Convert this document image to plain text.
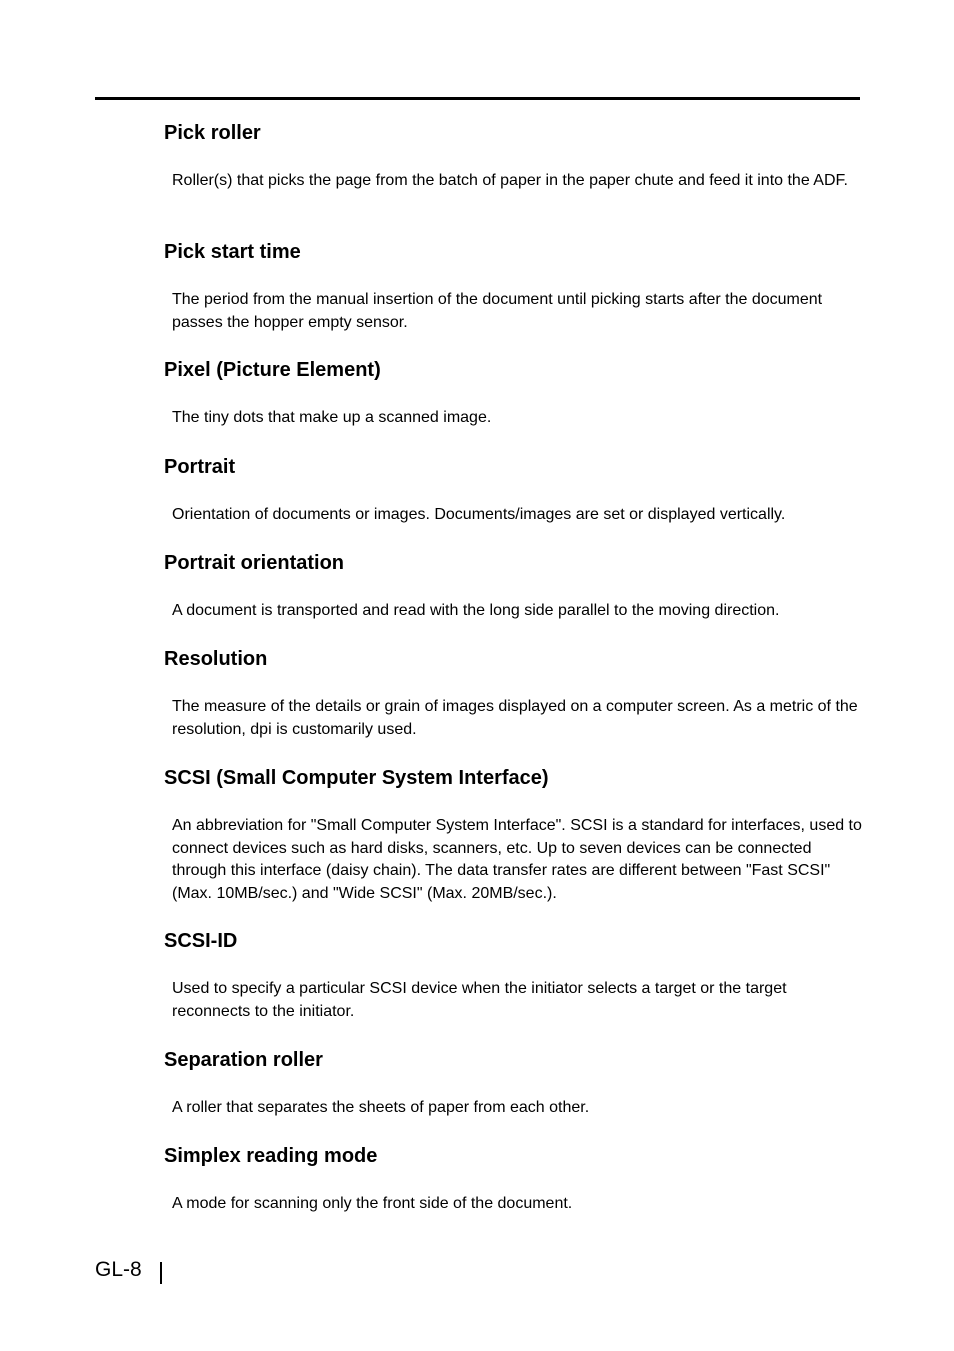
Pick roller

Roller(s) that picks the page from the batch of paper in the paper chute and feed it into the ADF.

Pick start time

The period from the manual insertion of the document until picking starts after the document passes the hopper empty sensor.

Pixel (Picture Element)

The tiny dots that make up a scanned image.

Portrait

Orientation of documents or images. Documents/images are set or displayed vertically.

Portrait orientation

A document is transported and read with the long side parallel to the moving direction.

Resolution

The measure of the details or grain of images displayed on a computer screen. As a metric of the resolution, dpi is customarily used.

SCSI (Small Computer System Interface)

An abbreviation for "Small Computer System Interface". SCSI is a standard for interfaces, used to connect devices such as hard disks, scanners, etc. Up to seven devices can be connected through this interface (daisy chain). The data transfer rates are different between "Fast SCSI" (Max. 10MB/sec.) and "Wide SCSI" (Max. 20MB/sec.).

SCSI-ID

Used to specify a particular SCSI device when the initiator selects a target or the target reconnects to the initiator.

Separation roller

A roller that separates the sheets of paper from each other.

Simplex reading mode

A mode for scanning only the front side of the document.

GL-8
